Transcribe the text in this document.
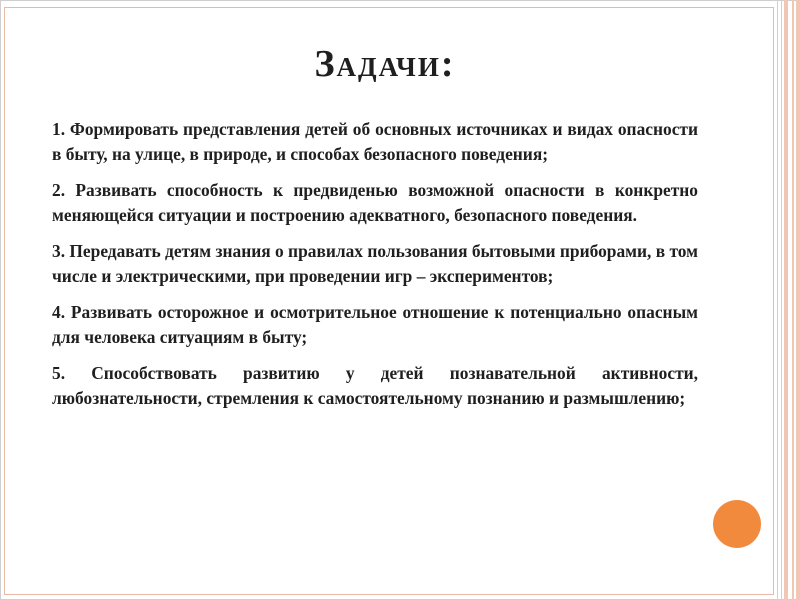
Задачи:

1. Формировать представления детей об основных источниках и видах опасности в быту, на улице, в природе, и способах безопасного поведения;

2. Развивать способность к предвиденью возможной опасности в конкретно меняющейся ситуации и построению адекватного, безопасного поведения.

3. Передавать детям знания о правилах пользования бытовыми приборами, в том числе и электрическими, при проведении игр – экспериментов;

4. Развивать осторожное и осмотрительное отношение к потенциально опасным для человека ситуациям в быту;

5. Способствовать развитию у детей познавательной активности, любознательности, стремления к самостоятельному познанию и размышлению;
